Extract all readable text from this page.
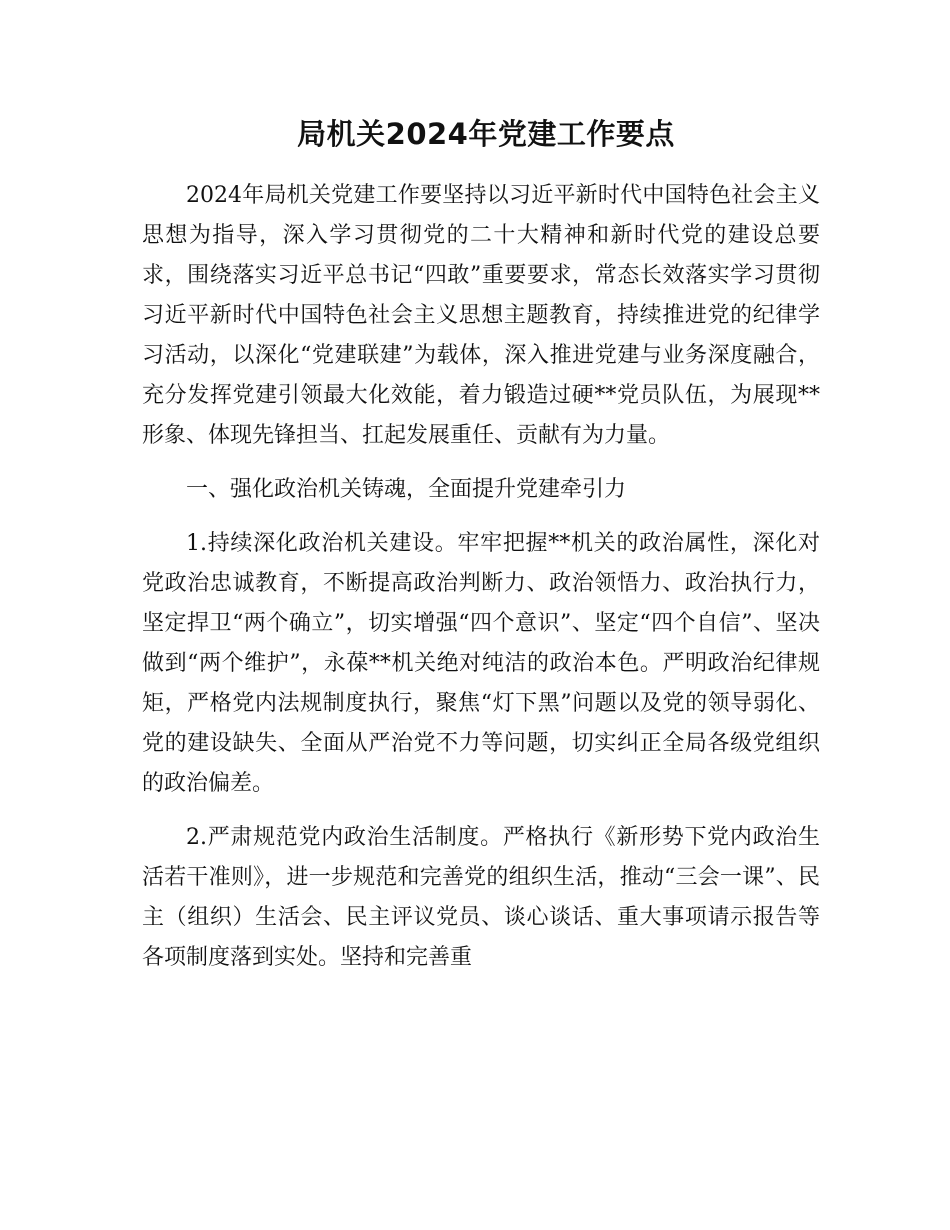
局机关2024年党建工作要点

2024年局机关党建工作要坚持以习近平新时代中国特色社会主义思想为指导，深入学习贯彻党的二十大精神和新时代党的建设总要求，围绕落实习近平总书记“四敢”重要要求，常态长效落实学习贯彻习近平新时代中国特色社会主义思想主题教育，持续推进党的纪律学习活动，以深化“党建联建”为载体，深入推进党建与业务深度融合，充分发挥党建引领最大化效能，着力锻造过硬**党员队伍，为展现**形象、体现先锋担当、扛起发展重任、贡献有为力量。

一、强化政治机关铸魂，全面提升党建牵引力

1.持续深化政治机关建设。牢牢把握**机关的政治属性，深化对党政治忠诚教育，不断提高政治判断力、政治领悟力、政治执行力，坚定捍卫“两个确立”，切实增强“四个意识”、坚定“四个自信”、坚决做到“两个维护”，永葆**机关绝对纯洁的政治本色。严明政治纪律规矩，严格党内法规制度执行，聚焦“灯下黑”问题以及党的领导弱化、党的建设缺失、全面从严治党不力等问题，切实纠正全局各级党组织的政治偏差。

2.严肃规范党内政治生活制度。严格执行《新形势下党内政治生活若干准则》，进一步规范和完善党的组织生活，推动“三会一课”、民主（组织）生活会、民主评议党员、谈心谈话、重大事项请示报告等各项制度落到实处。坚持和完善重
